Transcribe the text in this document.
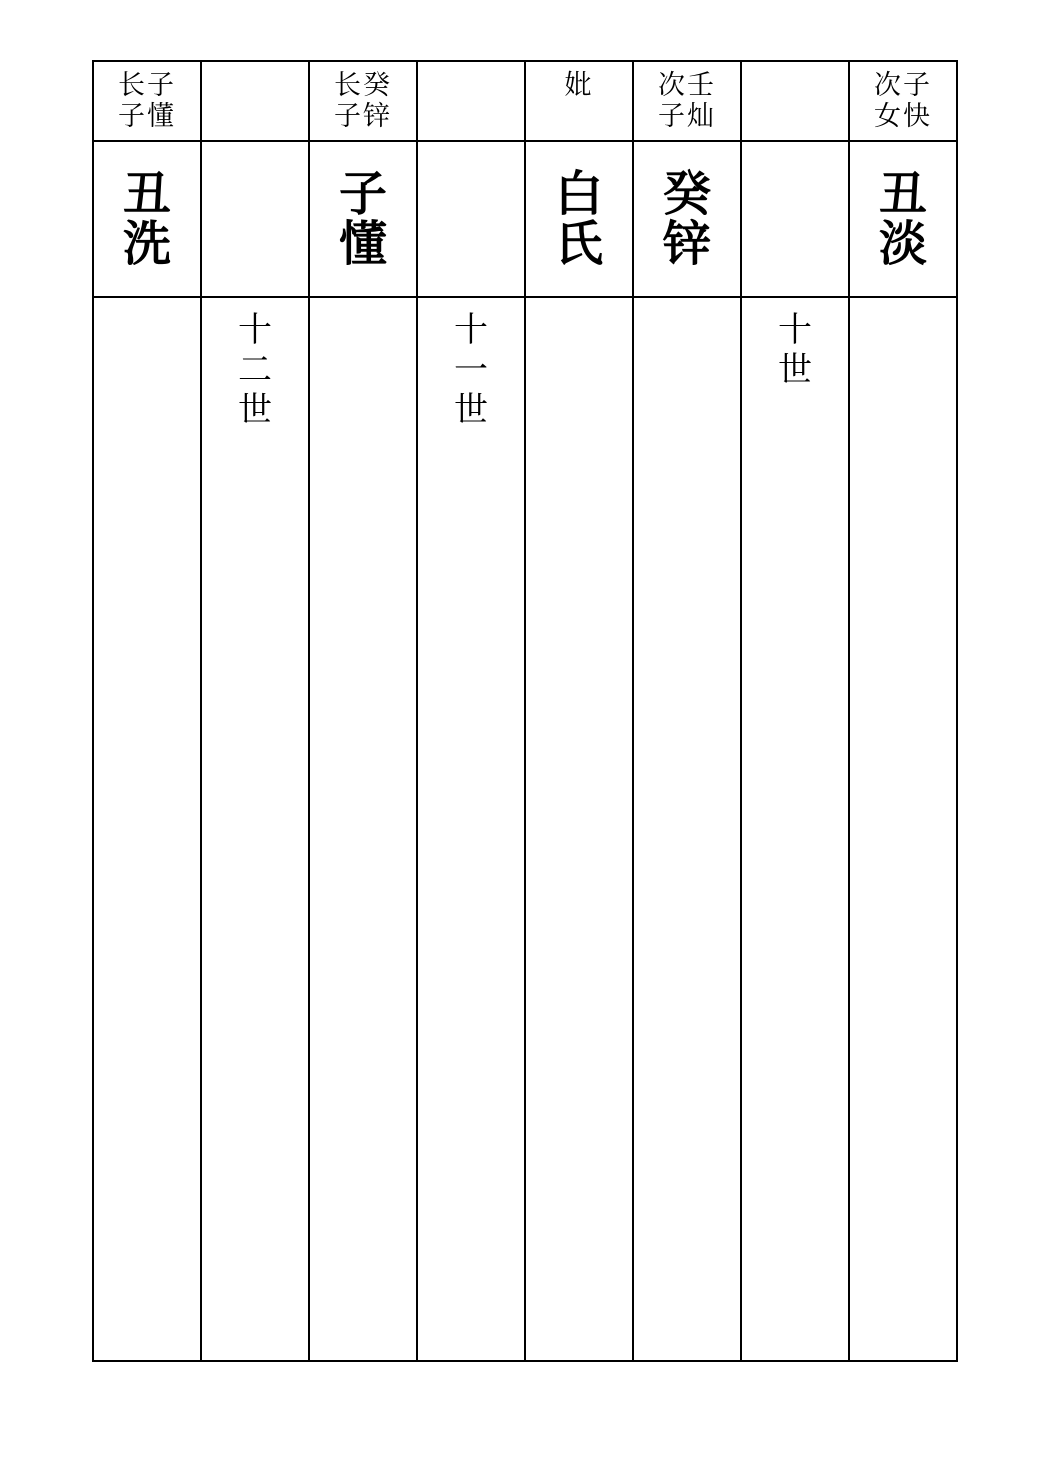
长子
子懂
长癸
子锌
妣	次壬
子灿
次子
女快
丑洗
子懂
白氏
癸锌
丑淡
十二世
十一世
十世
